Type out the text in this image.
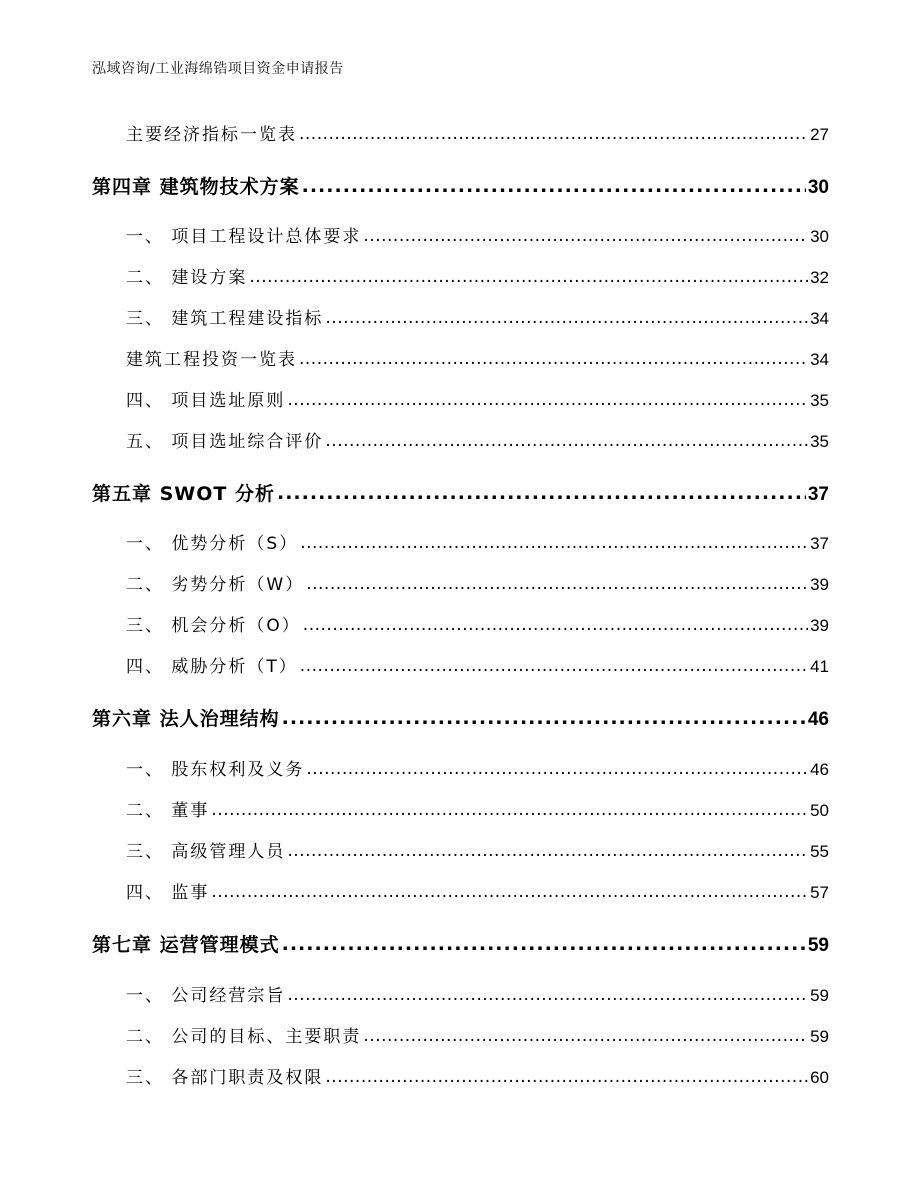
泓域咨询/工业海绵锆项目资金申请报告
主要经济指标一览表 .....	27
第四章 建筑物技术方案 .....	30
一、 项目工程设计总体要求 .....	30
二、 建设方案 .....	32
三、 建筑工程建设指标 .....	34
建筑工程投资一览表 .....	34
四、 项目选址原则 .....	35
五、 项目选址综合评价 .....	35
第五章 SWOT 分析 .....	37
一、 优势分析（S） .....	37
二、 劣势分析（W） .....	39
三、 机会分析（O） .....	39
四、 威胁分析（T） .....	41
第六章 法人治理结构 .....	46
一、 股东权利及义务 .....	46
二、 董事 .....	50
三、 高级管理人员 .....	55
四、 监事 .....	57
第七章 运营管理模式 .....	59
一、 公司经营宗旨 .....	59
二、 公司的目标、主要职责 .....	59
三、 各部门职责及权限 .....	60
